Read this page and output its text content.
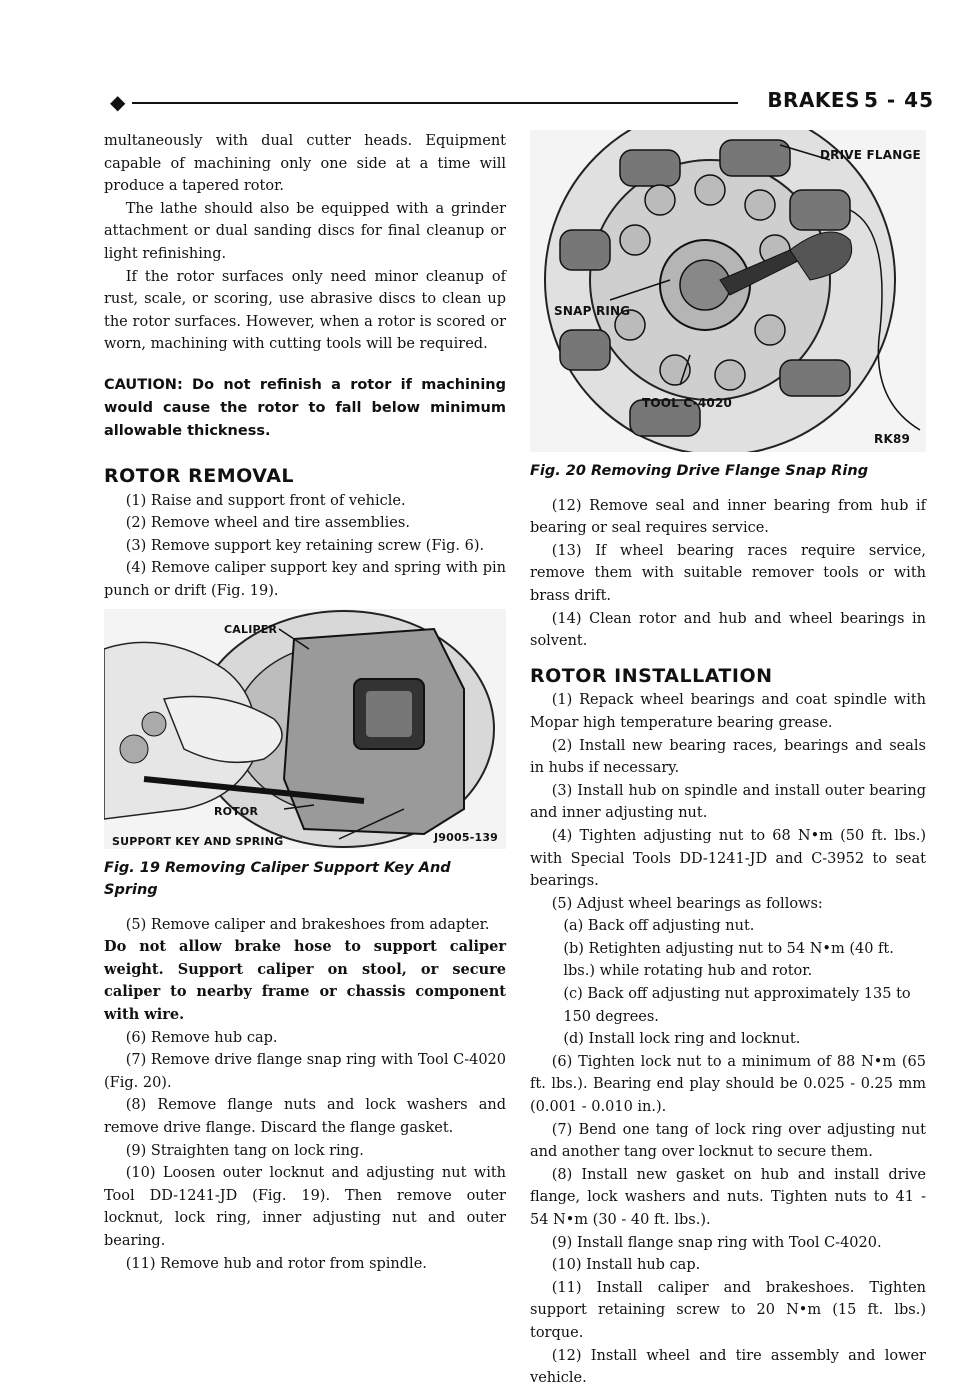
◆	BRAKES 5 - 45

multaneously with dual cutter heads. Equipment capable of machining only one side at a time will produce a tapered rotor.

The lathe should also be equipped with a grinder attachment or dual sanding discs for final cleanup or light refinishing.

If the rotor surfaces only need minor cleanup of rust, scale, or scoring, use abrasive discs to clean up the rotor surfaces. However, when a rotor is scored or worn, machining with cutting tools will be required.

CAUTION: Do not refinish a rotor if machining would cause the rotor to fall below minimum allowable thickness.

ROTOR REMOVAL

(1) Raise and support front of vehicle.

(2) Remove wheel and tire assemblies.

(3) Remove support key retaining screw (Fig. 6).

(4) Remove caliper support key and spring with pin punch or drift (Fig. 19).

CALIPER
ROTOR
SUPPORT KEY AND SPRING	J9005-139
Fig. 19 Removing Caliper Support Key And Spring

(5) Remove caliper and brakeshoes from adapter.

Do not allow brake hose to support caliper weight. Support caliper on stool, or secure caliper to nearby frame or chassis component with wire.

(6) Remove hub cap.

(7) Remove drive flange snap ring with Tool C-4020 (Fig. 20).

(8) Remove flange nuts and lock washers and remove drive flange. Discard the flange gasket.

(9) Straighten tang on lock ring.

(10) Loosen outer locknut and adjusting nut with Tool DD-1241-JD (Fig. 19). Then remove outer locknut, lock ring, inner adjusting nut and outer bearing.

(11) Remove hub and rotor from spindle.

DRIVE FLANGE
SNAP RING
TOOL C-4020
RK89
Fig. 20 Removing Drive Flange Snap Ring

(12) Remove seal and inner bearing from hub if bearing or seal requires service.

(13) If wheel bearing races require service, remove them with suitable remover tools or with brass drift.

(14) Clean rotor and hub and wheel bearings in solvent.

ROTOR INSTALLATION

(1) Repack wheel bearings and coat spindle with Mopar high temperature bearing grease.

(2) Install new bearing races, bearings and seals in hubs if necessary.

(3) Install hub on spindle and install outer bearing and inner adjusting nut.

(4) Tighten adjusting nut to 68 N•m (50 ft. lbs.) with Special Tools DD-1241-JD and C-3952 to seat bearings.

(5) Adjust wheel bearings as follows:

(a) Back off adjusting nut.

(b) Retighten adjusting nut to 54 N•m (40 ft. lbs.) while rotating hub and rotor.

(c) Back off adjusting nut approximately 135 to 150 degrees.

(d) Install lock ring and locknut.

(6) Tighten lock nut to a minimum of 88 N•m (65 ft. lbs.). Bearing end play should be 0.025 - 0.25 mm (0.001 - 0.010 in.).

(7) Bend one tang of lock ring over adjusting nut and another tang over locknut to secure them.

(8) Install new gasket on hub and install drive flange, lock washers and nuts. Tighten nuts to 41 - 54 N•m (30 - 40 ft. lbs.).

(9) Install flange snap ring with Tool C-4020.

(10) Install hub cap.

(11) Install caliper and brakeshoes. Tighten support retaining screw to 20 N•m (15 ft. lbs.) torque.

(12) Install wheel and tire assembly and lower vehicle.
